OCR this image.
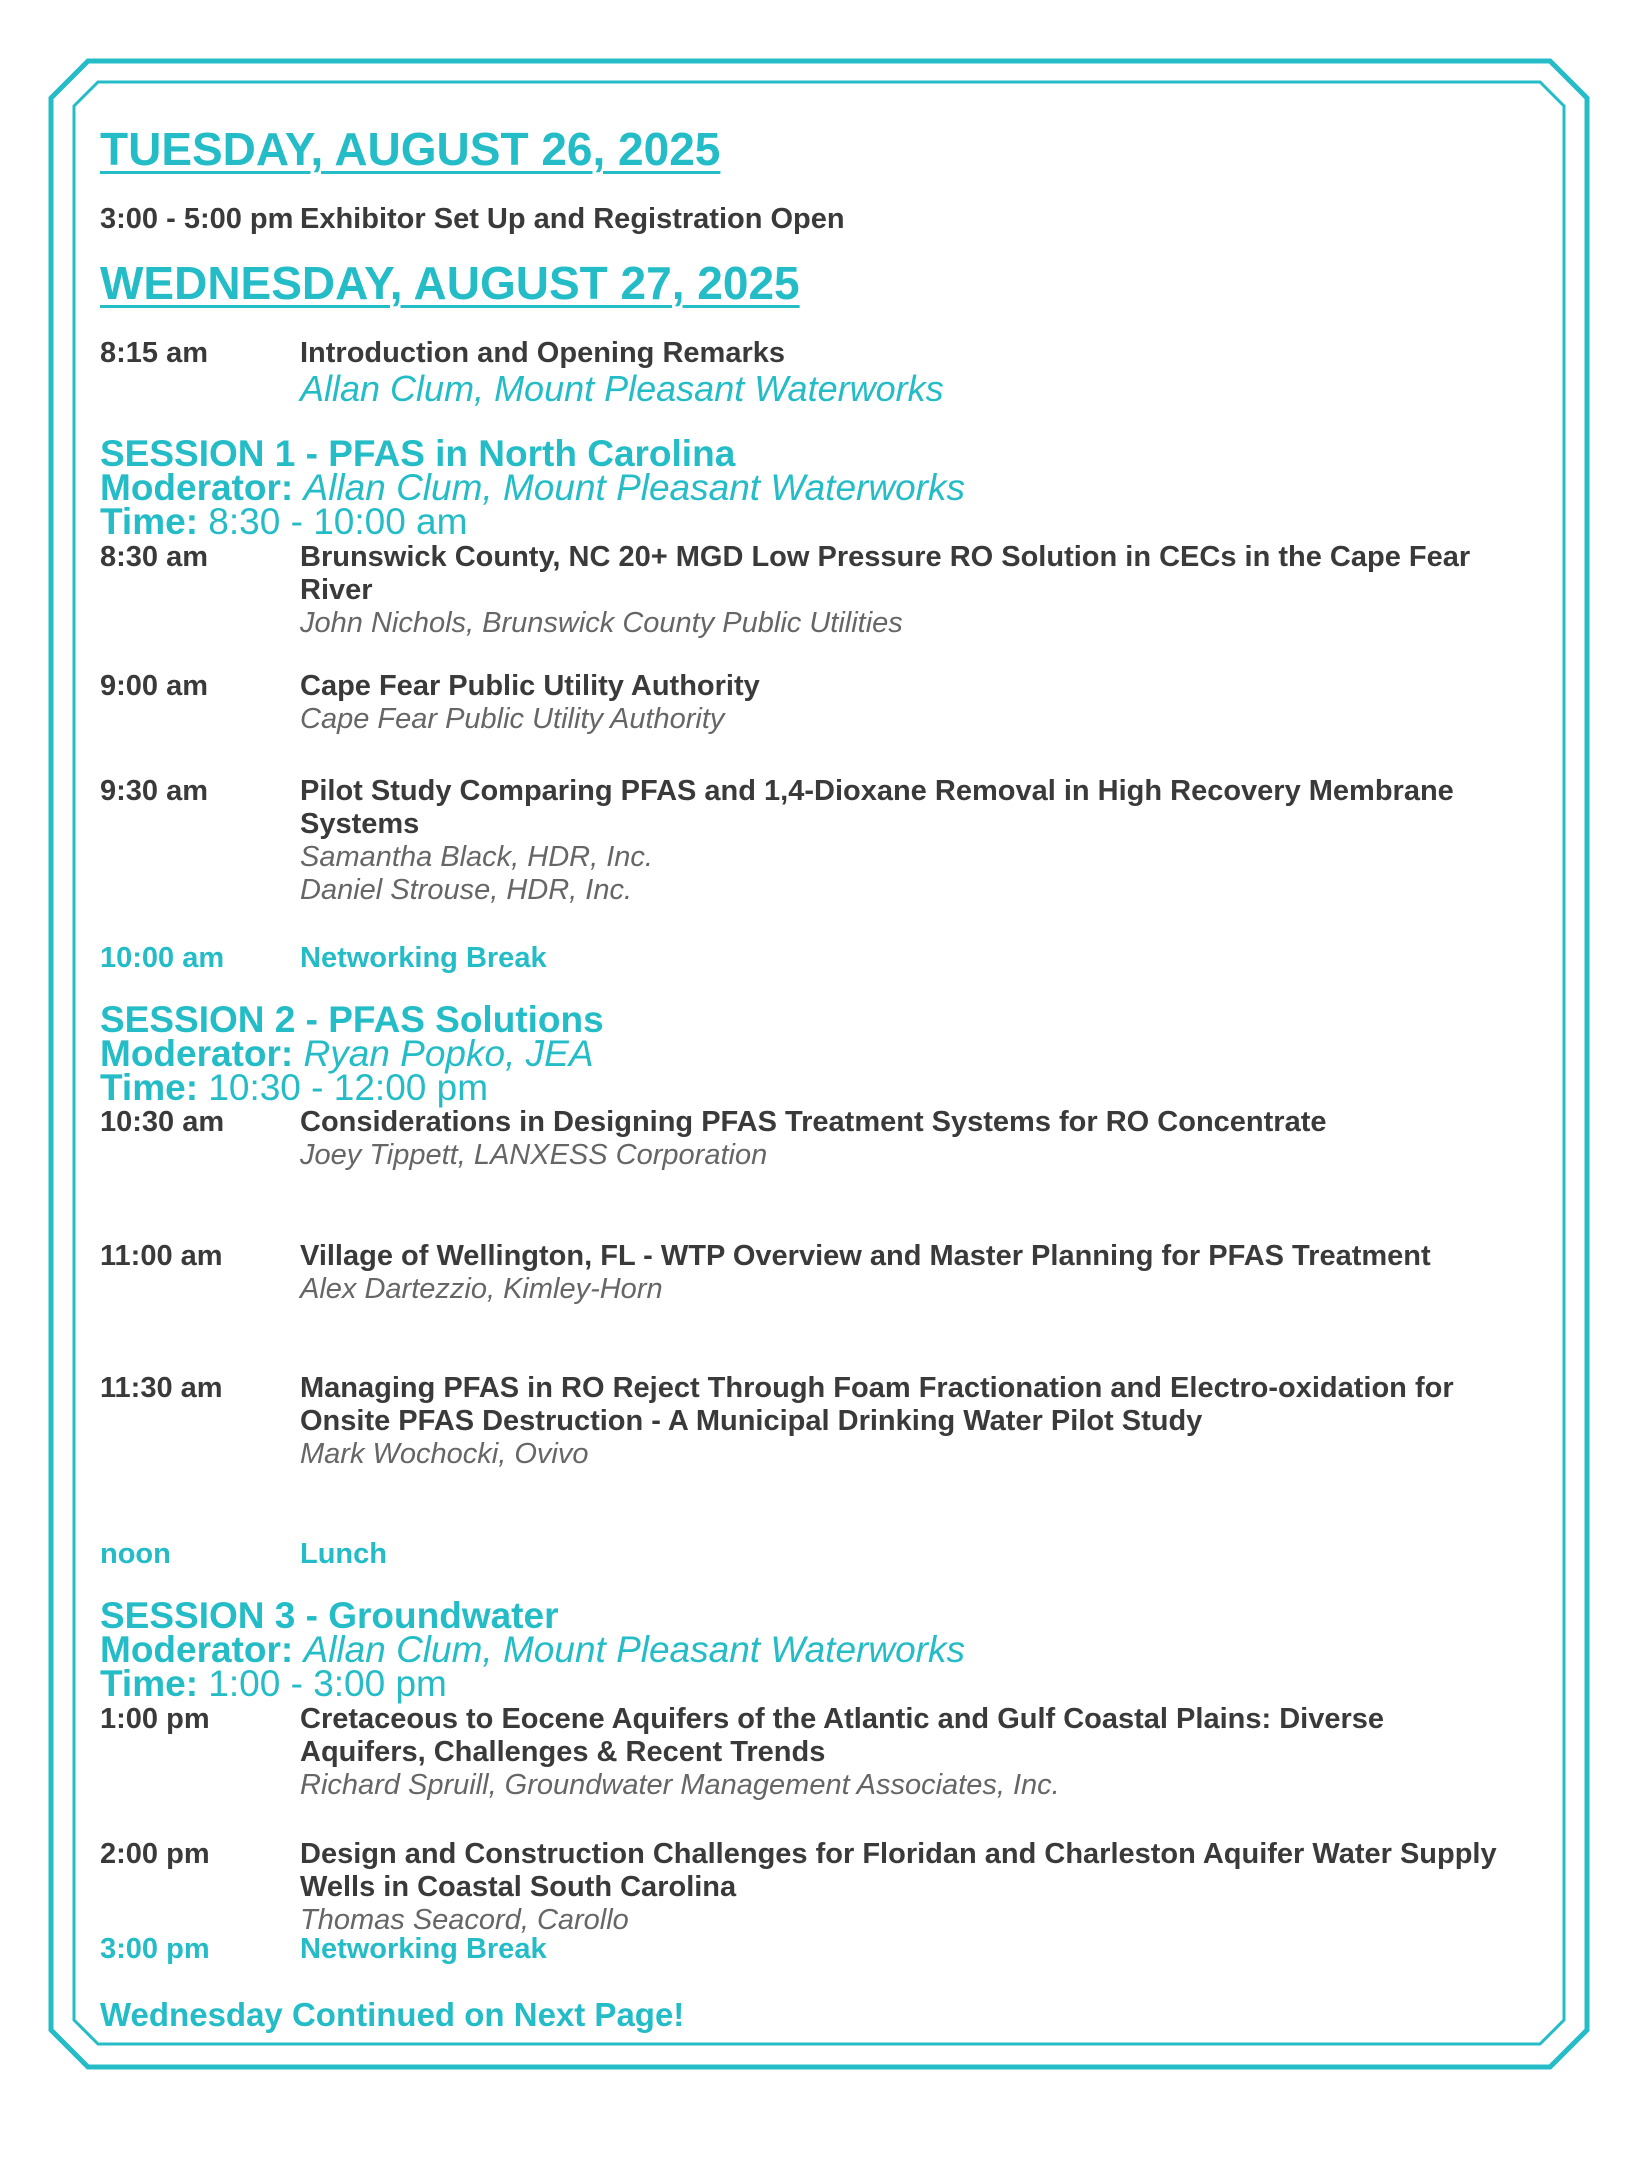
TUESDAY, AUGUST 26, 2025
3:00 - 5:00 pm Exhibitor Set Up and Registration Open
WEDNESDAY, AUGUST 27, 2025
8:15 am	Introduction and Opening Remarks
Allan Clum, Mount Pleasant Waterworks
SESSION 1 - PFAS in North Carolina
Moderator: Allan Clum, Mount Pleasant Waterworks
Time: 8:30 - 10:00 am
8:30 am	Brunswick County, NC 20+ MGD Low Pressure RO Solution in CECs in the Cape Fear River
John Nichols, Brunswick County Public Utilities
9:00 am	Cape Fear Public Utility Authority
Cape Fear Public Utility Authority
9:30 am	Pilot Study Comparing PFAS and 1,4-Dioxane Removal in High Recovery Membrane Systems
Samantha Black, HDR, Inc.
Daniel Strouse, HDR, Inc.
10:00 am	Networking Break
SESSION 2 - PFAS Solutions
Moderator: Ryan Popko, JEA
Time: 10:30 - 12:00 pm
10:30 am	Considerations in Designing PFAS Treatment Systems for RO Concentrate
Joey Tippett, LANXESS Corporation
11:00 am	Village of Wellington, FL - WTP Overview and Master Planning for PFAS Treatment
Alex Dartezzio, Kimley-Horn
11:30 am	Managing PFAS in RO Reject Through Foam Fractionation and Electro-oxidation for Onsite PFAS Destruction - A Municipal Drinking Water Pilot Study
Mark Wochocki, Ovivo
noon	Lunch
SESSION 3 - Groundwater
Moderator: Allan Clum, Mount Pleasant Waterworks
Time: 1:00 - 3:00 pm
1:00 pm	Cretaceous to Eocene Aquifers of the Atlantic and Gulf Coastal Plains: Diverse Aquifers, Challenges & Recent Trends
Richard Spruill, Groundwater Management Associates, Inc.
2:00 pm	Design and Construction Challenges for Floridan and Charleston Aquifer Water Supply Wells in Coastal South Carolina
Thomas Seacord, Carollo
3:00 pm	Networking Break
Wednesday Continued on Next Page!
